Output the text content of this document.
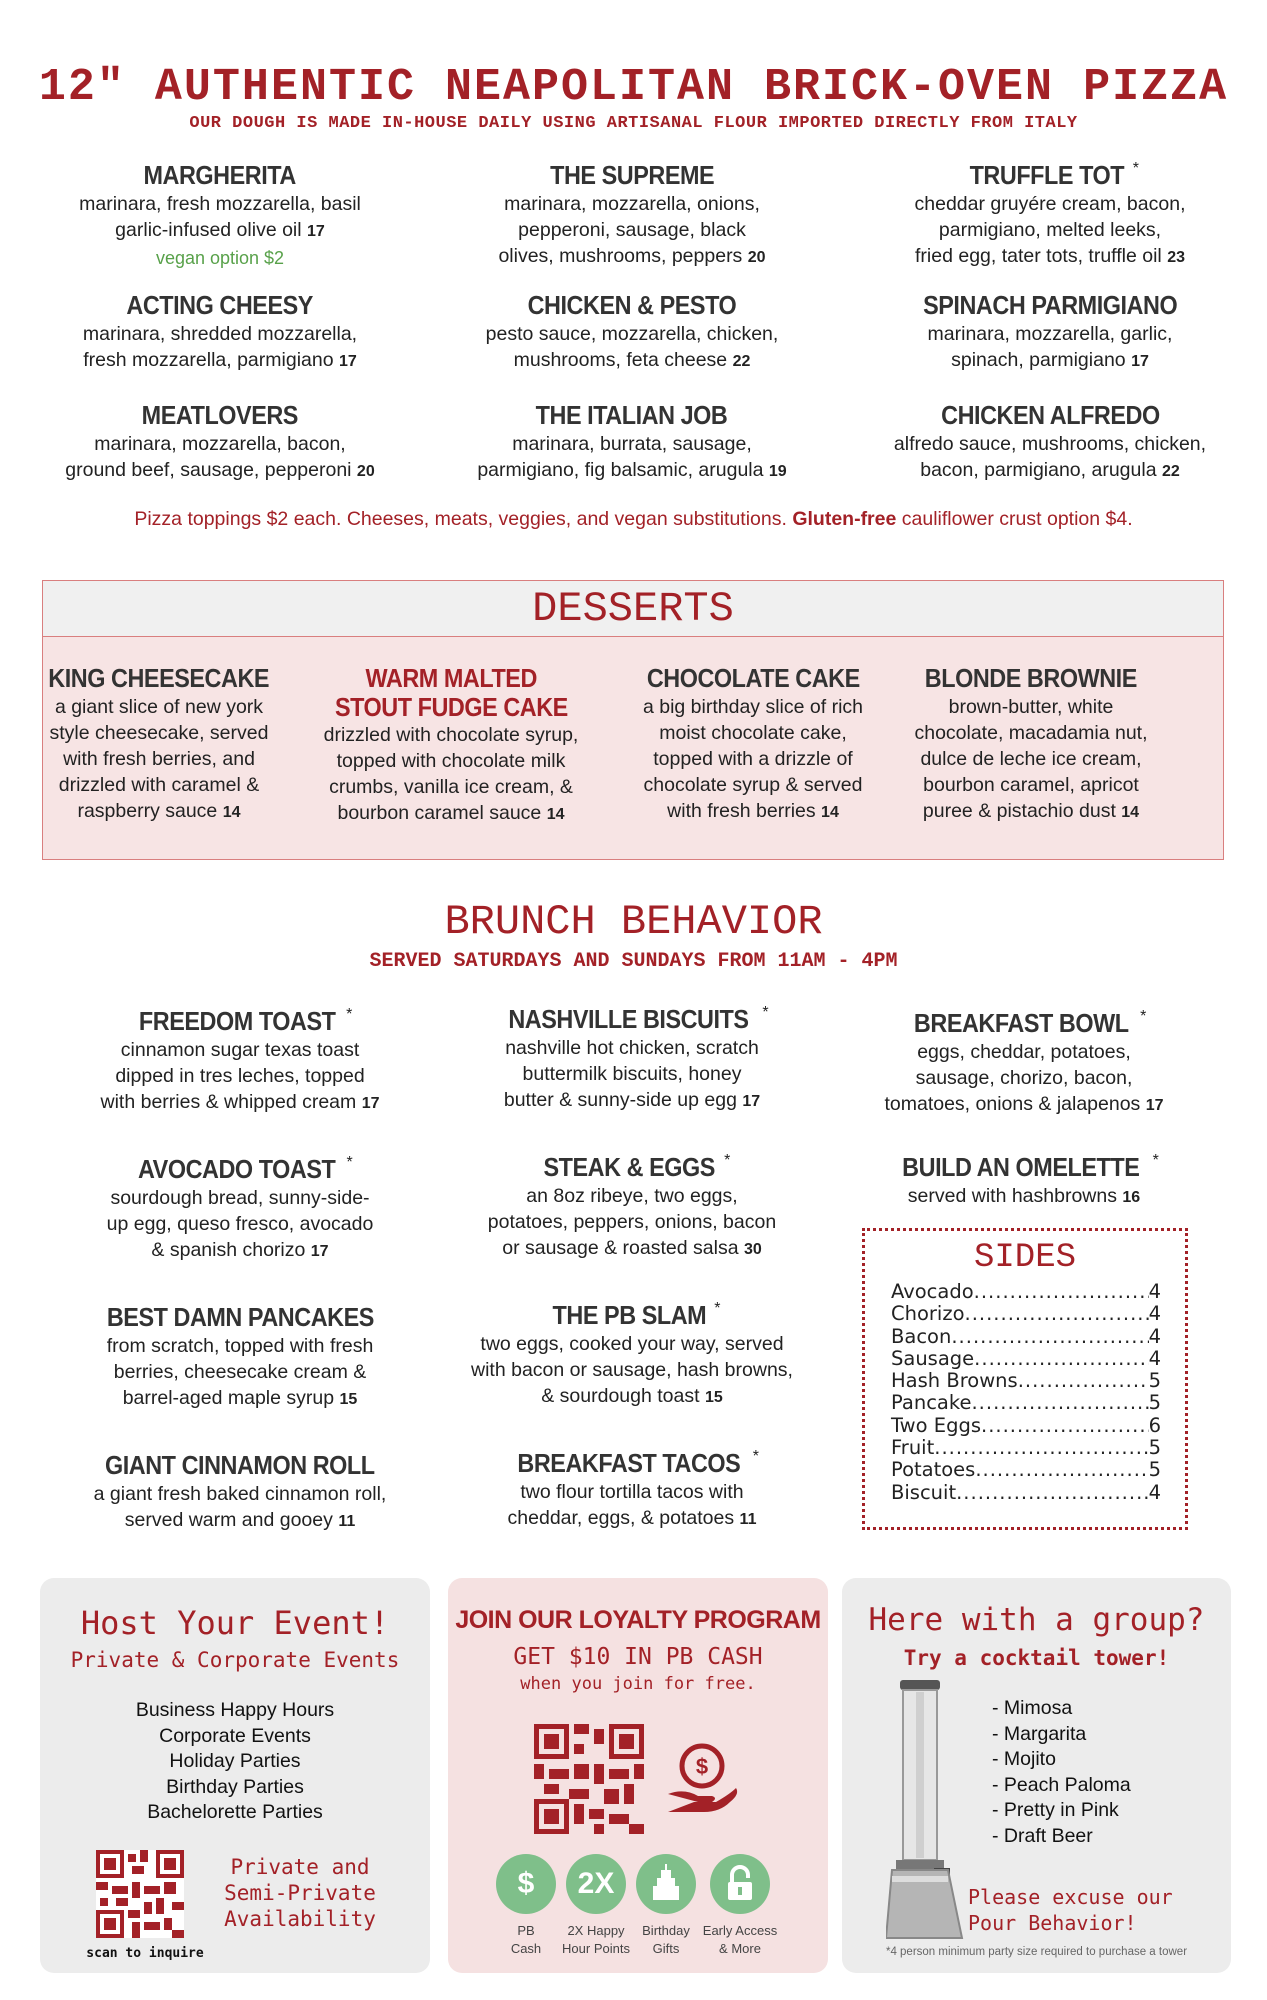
12" AUTHENTIC NEAPOLITAN BRICK-OVEN PIZZA
OUR DOUGH IS MADE IN-HOUSE DAILY USING ARTISANAL FLOUR IMPORTED DIRECTLY FROM ITALY
MARGHERITA
marinara, fresh mozzarella, basil
garlic-infused olive oil 17
vegan option $2
THE SUPREME
marinara, mozzarella, onions,
pepperoni, sausage, black
olives, mushrooms, peppers 20
TRUFFLE TOT *
cheddar gruyére cream, bacon,
parmigiano, melted leeks,
fried egg, tater tots, truffle oil 23
ACTING CHEESY
marinara, shredded mozzarella,
fresh mozzarella, parmigiano 17
CHICKEN & PESTO
pesto sauce, mozzarella, chicken,
mushrooms, feta cheese 22
SPINACH PARMIGIANO
marinara, mozzarella, garlic,
spinach, parmigiano 17
MEATLOVERS
marinara, mozzarella, bacon,
ground beef, sausage, pepperoni 20
THE ITALIAN JOB
marinara, burrata, sausage,
parmigiano, fig balsamic, arugula 19
CHICKEN ALFREDO
alfredo sauce, mushrooms, chicken,
bacon, parmigiano, arugula 22
Pizza toppings $2 each. Cheeses, meats, veggies, and vegan substitutions. Gluten-free cauliflower crust option $4.
DESSERTS
KING CHEESECAKE
a giant slice of new york
style cheesecake, served
with fresh berries, and
drizzled with caramel &
raspberry sauce 14
WARM MALTED
STOUT FUDGE CAKE
drizzled with chocolate syrup,
topped with chocolate milk
crumbs, vanilla ice cream, &
bourbon caramel sauce 14
CHOCOLATE CAKE
a big birthday slice of rich
moist chocolate cake,
topped with a drizzle of
chocolate syrup & served
with fresh berries 14
BLONDE BROWNIE
brown-butter, white
chocolate, macadamia nut,
dulce de leche ice cream,
bourbon caramel, apricot
puree & pistachio dust 14
BRUNCH BEHAVIOR
SERVED SATURDAYS AND SUNDAYS FROM 11AM - 4PM
FREEDOM TOAST *
cinnamon sugar texas toast
dipped in tres leches, topped
with berries & whipped cream 17
NASHVILLE BISCUITS *
nashville hot chicken, scratch
buttermilk biscuits, honey
butter & sunny-side up egg 17
BREAKFAST BOWL *
eggs, cheddar, potatoes,
sausage, chorizo, bacon,
tomatoes, onions & jalapenos 17
AVOCADO TOAST *
sourdough bread, sunny-side-
up egg, queso fresco, avocado
& spanish chorizo 17
STEAK & EGGS *
an 8oz ribeye, two eggs,
potatoes, peppers, onions, bacon
or sausage & roasted salsa 30
BUILD AN OMELETTE *
served with hashbrowns 16
BEST DAMN PANCAKES
from scratch, topped with fresh
berries, cheesecake cream &
barrel-aged maple syrup 15
THE PB SLAM *
two eggs, cooked your way, served
with bacon or sausage, hash browns,
& sourdough toast 15
GIANT CINNAMON ROLL
a giant fresh baked cinnamon roll,
served warm and gooey 11
BREAKFAST TACOS *
two flour tortilla tacos with
cheddar, eggs, & potatoes 11
SIDES
Avocado .....	4
Chorizo .....	4
Bacon .....	4
Sausage .....	4
Hash Browns .....	5
Pancake .....	5
Two Eggs .....	6
Fruit .....	5
Potatoes .....	5
Biscuit .....	4
Host Your Event!
Private & Corporate Events
Business Happy Hours
Corporate Events
Holiday Parties
Birthday Parties
Bachelorette Parties
Private and
Semi-Private
Availability
scan to inquire
JOIN OUR LOYALTY PROGRAM
GET $10 IN PB CASH
when you join for free.
$
$
PB
Cash
2X
2X Happy
Hour Points
Birthday
Gifts
Early Access
& More
Here with a group?
Try a cocktail tower!
- Mimosa
- Margarita
- Mojito
- Peach Paloma
- Pretty in Pink
- Draft Beer
Please excuse our
Pour Behavior!
*4 person minimum party size required to purchase a tower
